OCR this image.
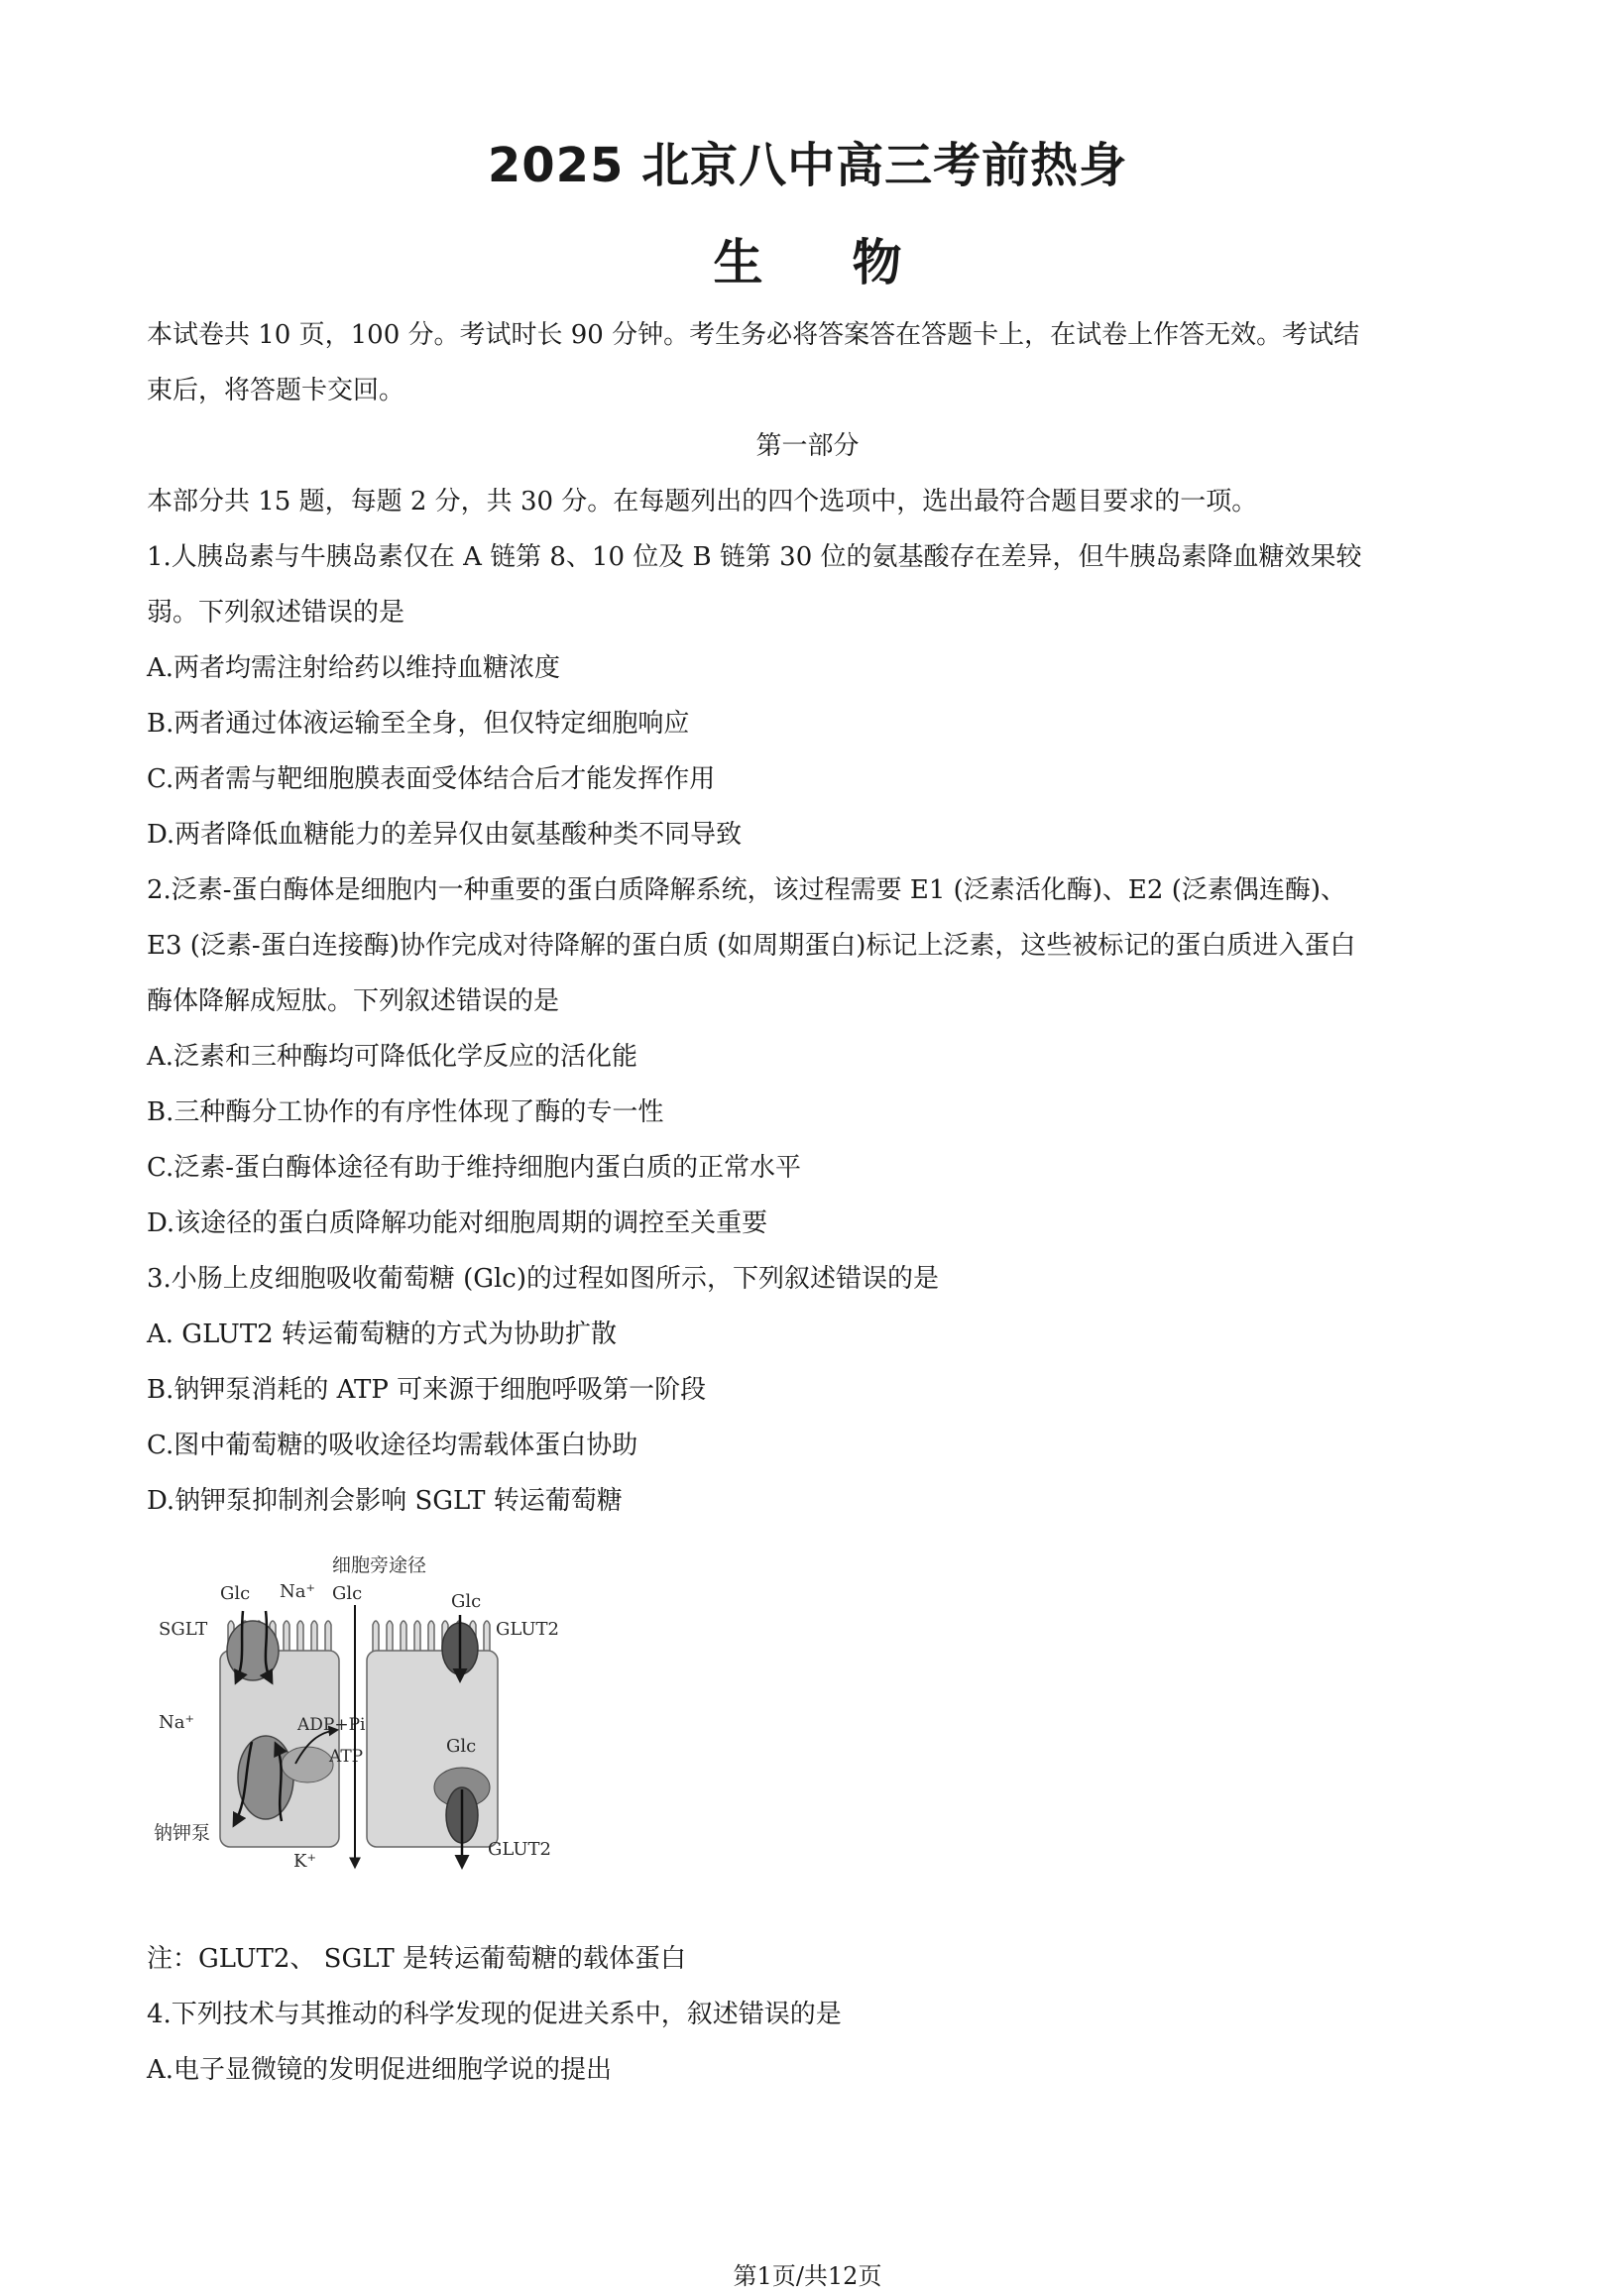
2025 北京八中高三考前热身
生物
本试卷共 10 页，100 分。考试时长 90 分钟。考生务必将答案答在答题卡上，在试卷上作答无效。考试结
束后，将答题卡交回。
第一部分
本部分共 15 题，每题 2 分，共 30 分。在每题列出的四个选项中，选出最符合题目要求的一项。
1.人胰岛素与牛胰岛素仅在 A 链第 8、10 位及 B 链第 30 位的氨基酸存在差异，但牛胰岛素降血糖效果较
弱。下列叙述错误的是
A.两者均需注射给药以维持血糖浓度
B.两者通过体液运输至全身，但仅特定细胞响应
C.两者需与靶细胞膜表面受体结合后才能发挥作用
D.两者降低血糖能力的差异仅由氨基酸种类不同导致
2.泛素-蛋白酶体是细胞内一种重要的蛋白质降解系统，该过程需要 E1 (泛素活化酶)、E2 (泛素偶连酶)、
E3 (泛素-蛋白连接酶)协作完成对待降解的蛋白质 (如周期蛋白)标记上泛素，这些被标记的蛋白质进入蛋白
酶体降解成短肽。下列叙述错误的是
A.泛素和三种酶均可降低化学反应的活化能
B.三种酶分工协作的有序性体现了酶的专一性
C.泛素-蛋白酶体途径有助于维持细胞内蛋白质的正常水平
D.该途径的蛋白质降解功能对细胞周期的调控至关重要
3.小肠上皮细胞吸收葡萄糖 (Glc)的过程如图所示，下列叙述错误的是
A. GLUT2 转运葡萄糖的方式为协助扩散
B.钠钾泵消耗的 ATP 可来源于细胞呼吸第一阶段
C.图中葡萄糖的吸收途径均需载体蛋白协助
D.钠钾泵抑制剂会影响 SGLT 转运葡萄糖
细胞旁途径
Glc Na⁺ Glc	Glc
GLUT2
SGLT
Na⁺	ADP+Pi
ATP
钠钾泵
K⁺
Glc
GLUT2
注：GLUT2、 SGLT 是转运葡萄糖的载体蛋白
4.下列技术与其推动的科学发现的促进关系中，叙述错误的是
A.电子显微镜的发明促进细胞学说的提出
第1页/共12页
